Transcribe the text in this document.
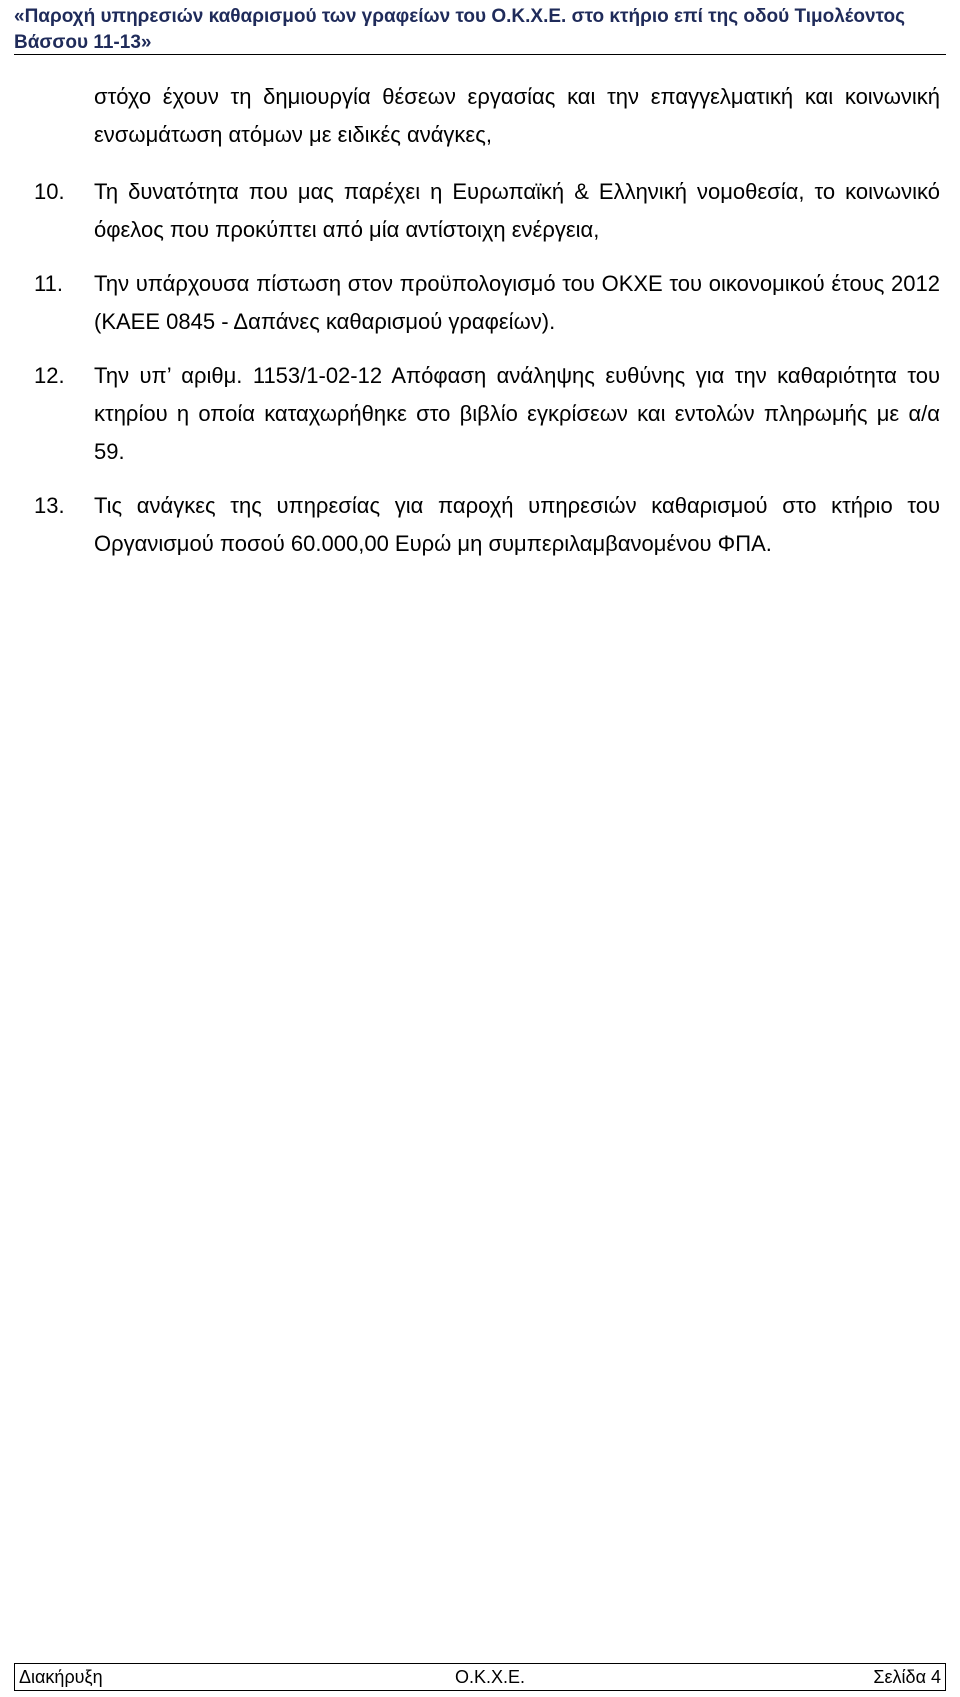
«Παροχή υπηρεσιών καθαρισμού των γραφείων του Ο.Κ.Χ.Ε. στο κτήριο επί της οδού Τιμολέοντος Βάσσου 11-13»

στόχο έχουν τη δημιουργία θέσεων εργασίας και την επαγγελματική και κοινωνική ενσωμάτωση ατόμων με ειδικές ανάγκες,

10. Τη δυνατότητα που μας παρέχει η Ευρωπαϊκή & Ελληνική νομοθεσία, το κοινωνικό όφελος που προκύπτει από μία αντίστοιχη ενέργεια,
11. Την υπάρχουσα πίστωση στον προϋπολογισμό του ΟΚΧΕ του οικονομικού έτους 2012 (ΚΑΕΕ 0845 - Δαπάνες καθαρισμού γραφείων).
12. Την υπ’ αριθμ. 1153/1-02-12 Απόφαση ανάληψης ευθύνης για την καθαριότητα του κτηρίου η οποία καταχωρήθηκε στο βιβλίο εγκρίσεων και εντολών πληρωμής με α/α 59.
13. Τις ανάγκες της υπηρεσίας για παροχή υπηρεσιών καθαρισμού στο κτήριο του Οργανισμού ποσού 60.000,00 Ευρώ μη συμπεριλαμβανομένου ΦΠΑ.
Διακήρυξη	Ο.Κ.Χ.Ε.	Σελίδα 4
